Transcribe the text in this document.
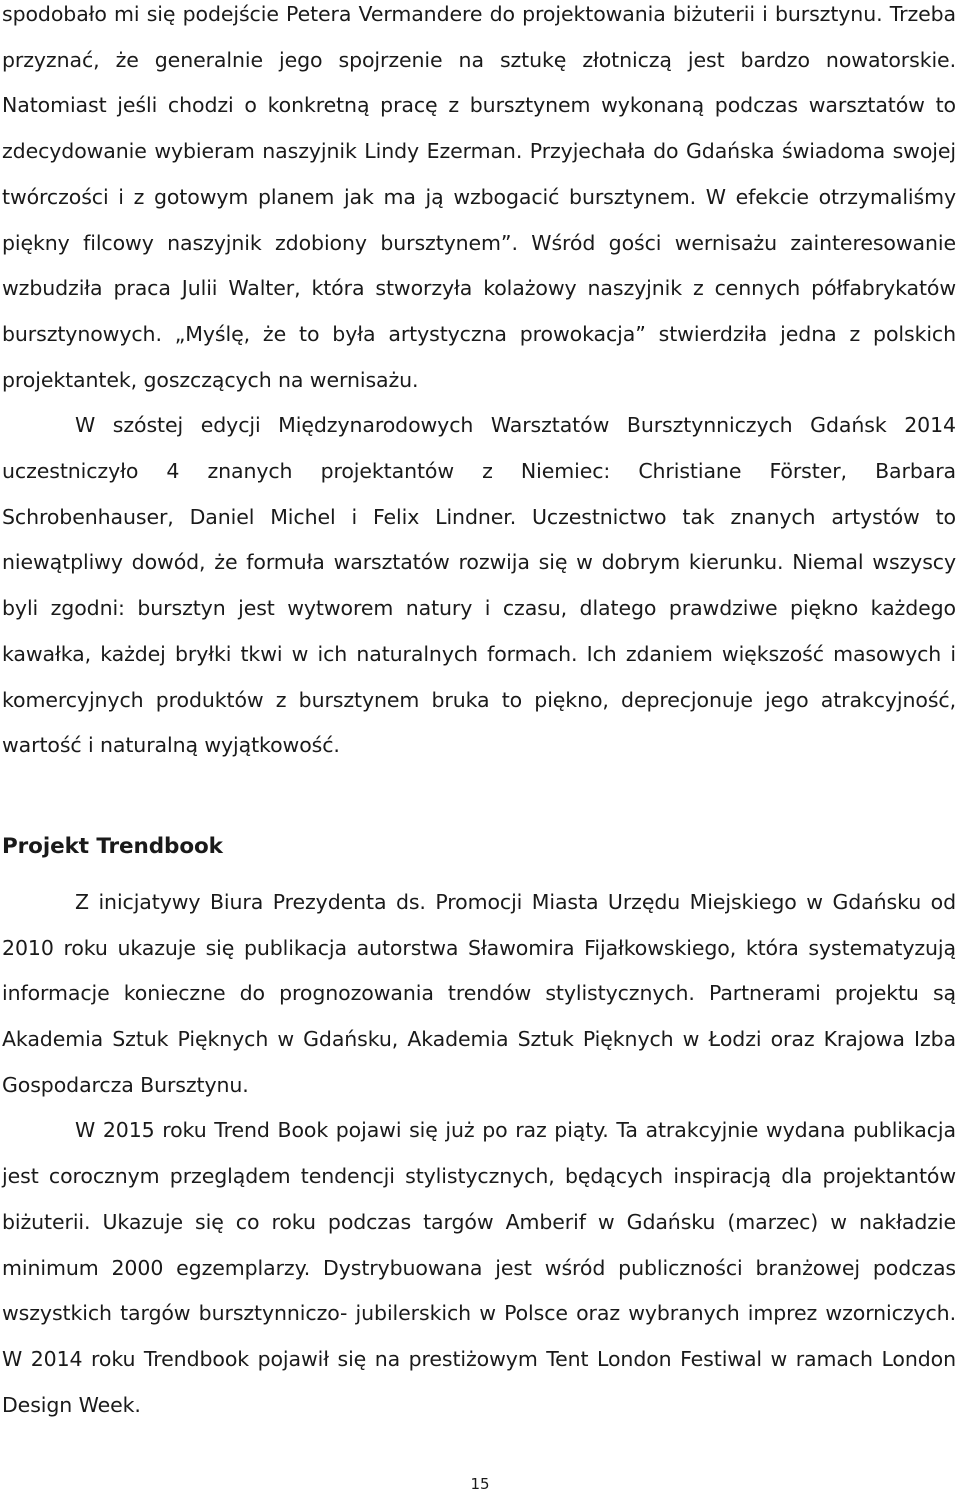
spodobało mi się podejście Petera Vermandere do projektowania biżuterii i bursztynu. Trzeba przyznać, że generalnie jego spojrzenie na sztukę złotniczą jest bardzo nowatorskie. Natomiast jeśli chodzi o konkretną pracę z bursztynem wykonaną podczas warsztatów to zdecydowanie wybieram naszyjnik Lindy Ezerman. Przyjechała do Gdańska świadoma swojej twórczości i z gotowym planem jak ma ją wzbogacić bursztynem. W efekcie otrzymaliśmy piękny filcowy naszyjnik zdobiony bursztynem”. Wśród gości wernisażu zainteresowanie wzbudziła praca Julii Walter, która stworzyła kolażowy naszyjnik z cennych półfabrykatów bursztynowych. „Myślę, że to była artystyczna prowokacja” stwierdziła jedna z polskich projektantek, goszczących na wernisażu.

W szóstej edycji Międzynarodowych Warsztatów Bursztynniczych Gdańsk 2014 uczestniczyło 4 znanych projektantów z Niemiec: Christiane Förster, Barbara Schrobenhauser, Daniel Michel i Felix Lindner. Uczestnictwo tak znanych artystów to niewątpliwy dowód, że formuła warsztatów rozwija się w dobrym kierunku. Niemal wszyscy byli zgodni: bursztyn jest wytworem natury i czasu, dlatego prawdziwe piękno każdego kawałka, każdej bryłki tkwi w ich naturalnych formach. Ich zdaniem większość masowych i komercyjnych produktów z bursztynem bruka to piękno, deprecjonuje jego atrakcyjność, wartość i naturalną wyjątkowość.

Projekt Trendbook

Z inicjatywy Biura Prezydenta ds. Promocji Miasta Urzędu Miejskiego w Gdańsku od 2010 roku ukazuje się publikacja autorstwa Sławomira Fijałkowskiego, która systematyzują informacje konieczne do prognozowania trendów stylistycznych. Partnerami projektu są Akademia Sztuk Pięknych w Gdańsku, Akademia Sztuk Pięknych w Łodzi oraz Krajowa Izba Gospodarcza Bursztynu.

W 2015 roku Trend Book pojawi się już po raz piąty. Ta atrakcyjnie wydana publikacja jest corocznym przeglądem tendencji stylistycznych, będących inspiracją dla projektantów biżuterii. Ukazuje się co roku podczas targów Amberif w Gdańsku (marzec) w nakładzie minimum 2000 egzemplarzy. Dystrybuowana jest wśród publiczności branżowej podczas wszystkich targów bursztynniczo- jubilerskich w Polsce oraz wybranych imprez wzorniczych. W 2014 roku Trendbook pojawił się na prestiżowym Tent London Festiwal w ramach London Design Week.

15
